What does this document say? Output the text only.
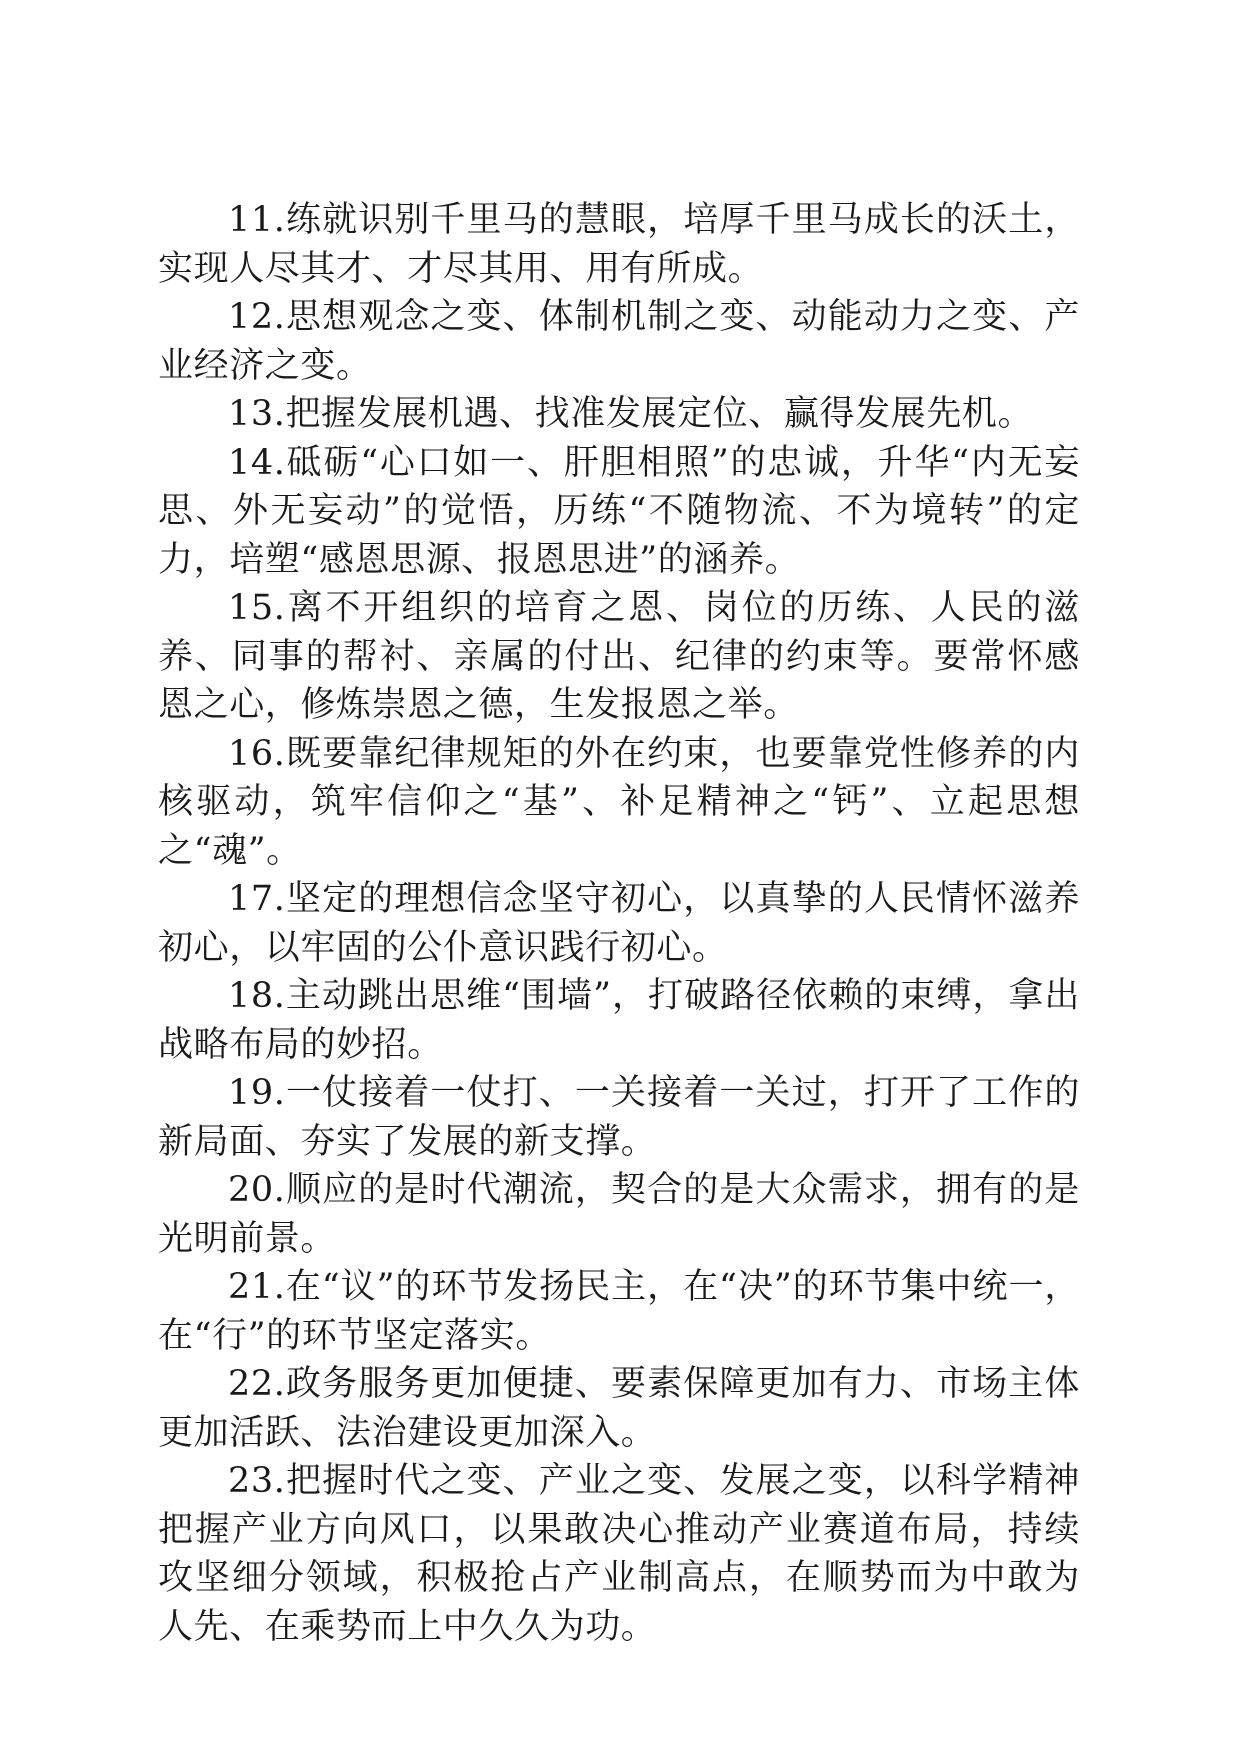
11.练就识别千里马的慧眼，培厚千里马成长的沃土，实现人尽其才、才尽其用、用有所成。

12.思想观念之变、体制机制之变、动能动力之变、产业经济之变。

13.把握发展机遇、找准发展定位、赢得发展先机。

14.砥砺“心口如一、肝胆相照”的忠诚，升华“内无妄思、外无妄动”的觉悟，历练“不随物流、不为境转”的定力，培塑“感恩思源、报恩思进”的涵养。

15.离不开组织的培育之恩、岗位的历练、人民的滋养、同事的帮衬、亲属的付出、纪律的约束等。要常怀感恩之心，修炼崇恩之德，生发报恩之举。

16.既要靠纪律规矩的外在约束，也要靠党性修养的内核驱动，筑牢信仰之“基”、补足精神之“钙”、立起思想之“魂”。

17.坚定的理想信念坚守初心，以真挚的人民情怀滋养初心，以牢固的公仆意识践行初心。

18.主动跳出思维“围墙”，打破路径依赖的束缚，拿出战略布局的妙招。

19.一仗接着一仗打、一关接着一关过，打开了工作的新局面、夯实了发展的新支撑。

20.顺应的是时代潮流，契合的是大众需求，拥有的是光明前景。

21.在“议”的环节发扬民主，在“决”的环节集中统一，在“行”的环节坚定落实。

22.政务服务更加便捷、要素保障更加有力、市场主体更加活跃、法治建设更加深入。

23.把握时代之变、产业之变、发展之变，以科学精神把握产业方向风口，以果敢决心推动产业赛道布局，持续攻坚细分领域，积极抢占产业制高点，在顺势而为中敢为人先、在乘势而上中久久为功。
